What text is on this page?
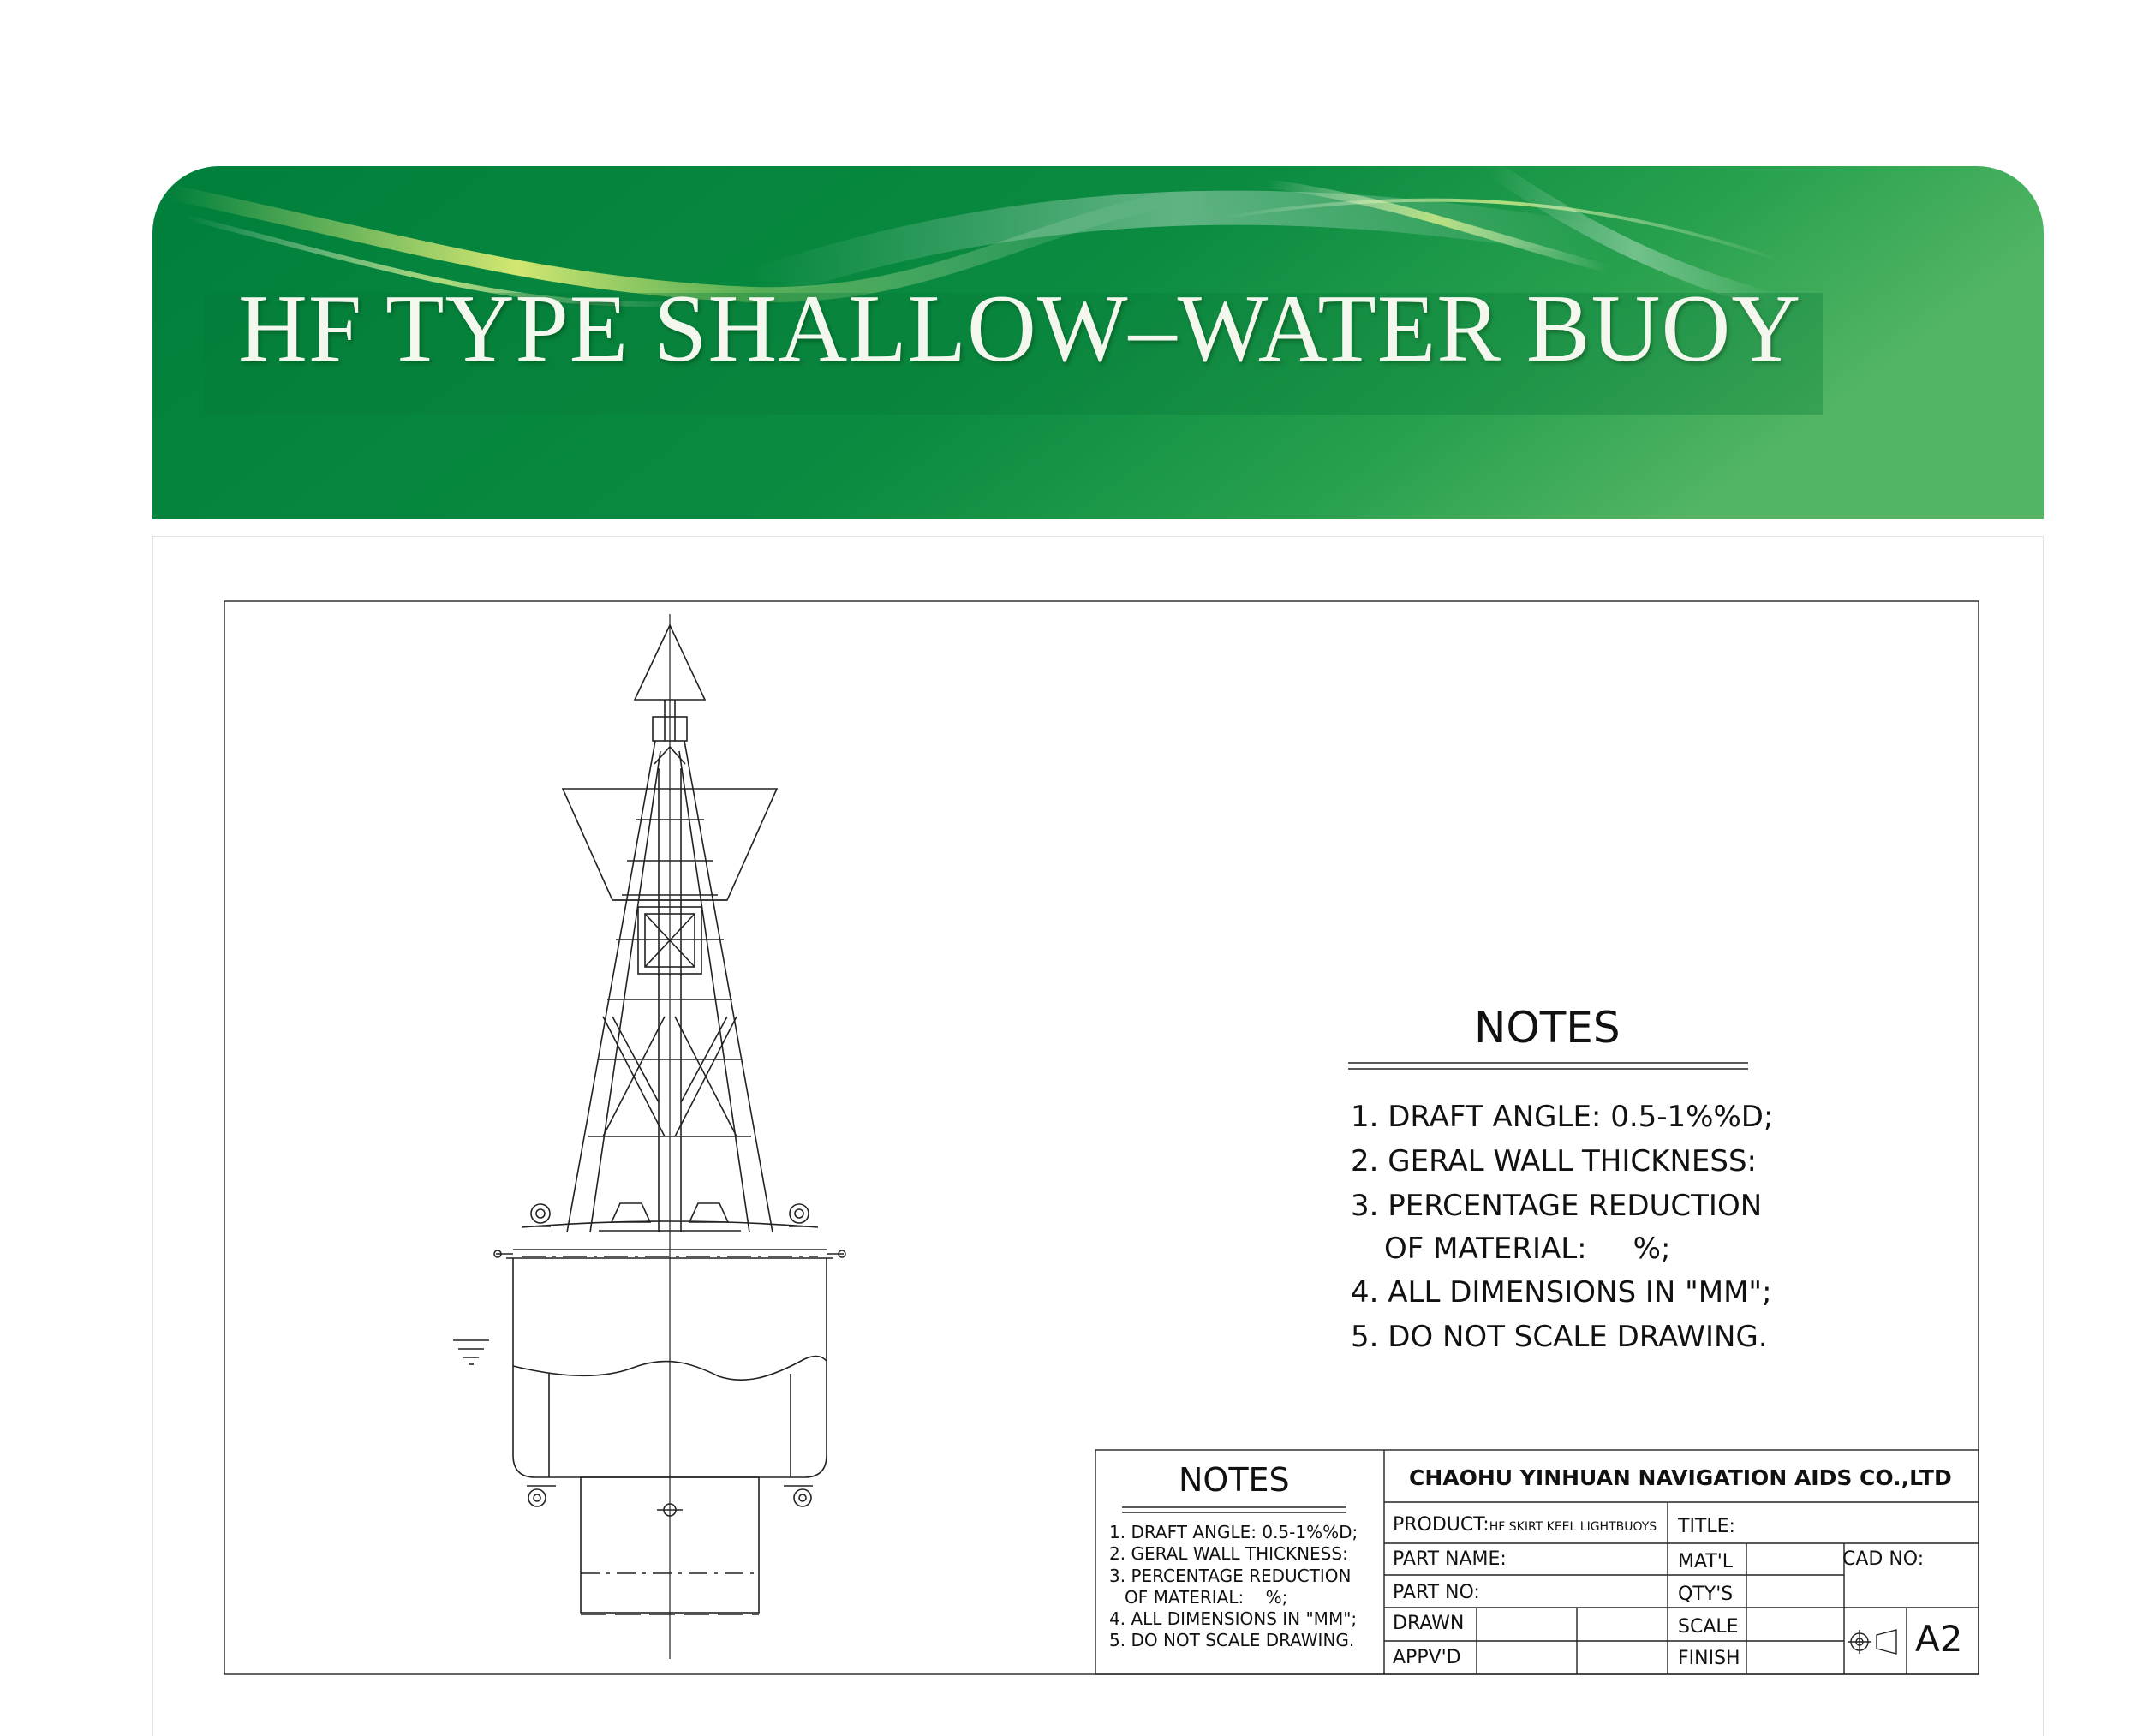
HF TYPE SHALLOW–WATER BUOY
NOTES
1. DRAFT ANGLE: 0.5-1%%D;
2. GERAL WALL THICKNESS:
3. PERCENTAGE REDUCTION
OF MATERIAL:     %;
4. ALL DIMENSIONS IN "MM";
5. DO NOT SCALE DRAWING.
NOTES
1. DRAFT ANGLE: 0.5-1%%D;
2. GERAL WALL THICKNESS:
3. PERCENTAGE REDUCTION
OF MATERIAL:    %;
4. ALL DIMENSIONS IN "MM";
5. DO NOT SCALE DRAWING.
CHAOHU YINHUAN NAVIGATION AIDS CO.,LTD
PRODUCT:HF SKIRT KEEL LIGHTBUOYS TITLE:
PART NAME:	MAT'L	CAD NO:
PART NO:	QTY'S
DRAWN	SCALE
APPV'D	FINISH	A2
